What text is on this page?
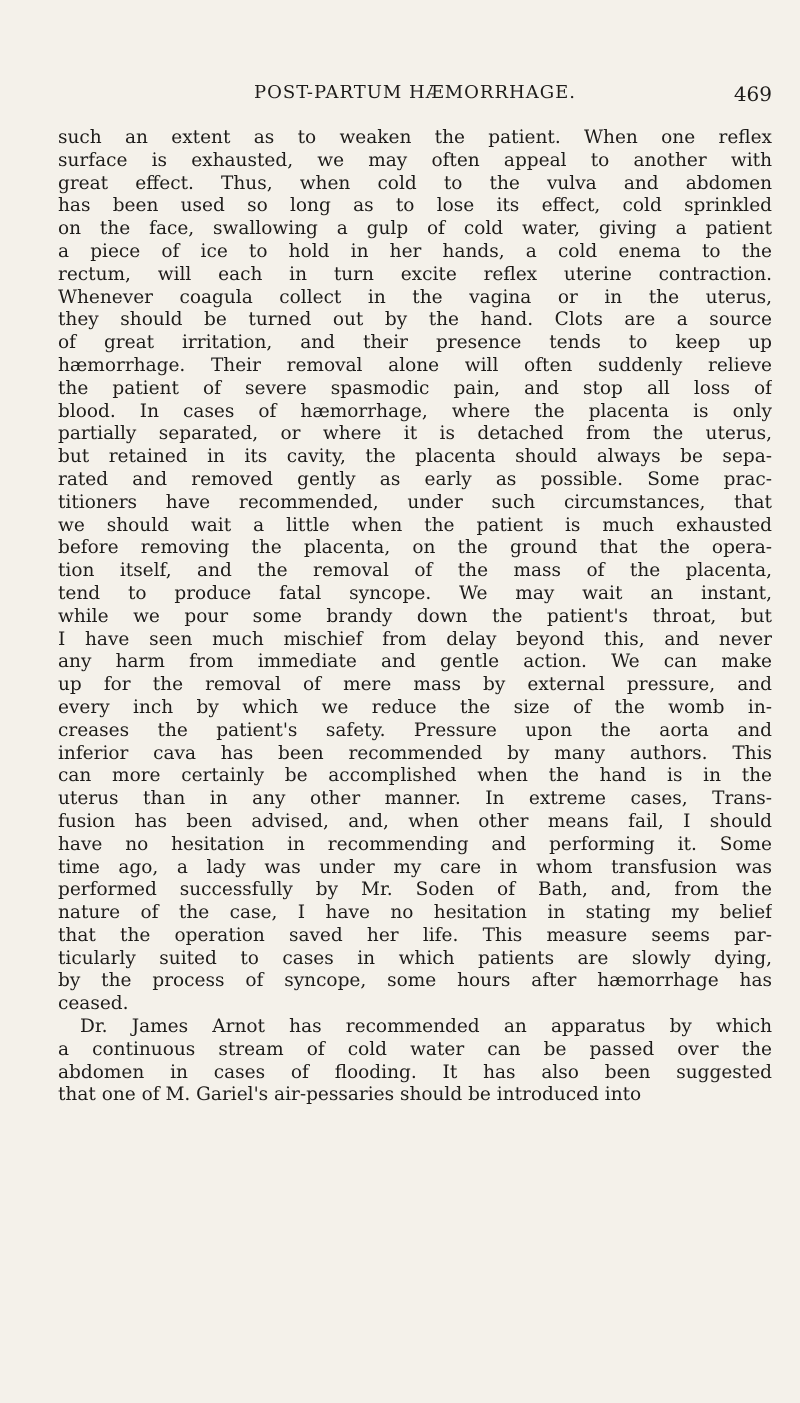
POST-PARTUM HÆMORRHAGE.	469
such an extent as to weaken the patient. When one reflex
surface is exhausted, we may often appeal to another with
great effect. Thus, when cold to the vulva and abdomen
has been used so long as to lose its effect, cold sprinkled
on the face, swallowing a gulp of cold water, giving a patient
a piece of ice to hold in her hands, a cold enema to the
rectum, will each in turn excite reflex uterine contraction.
Whenever coagula collect in the vagina or in the uterus,
they should be turned out by the hand. Clots are a source
of great irritation, and their presence tends to keep up
hæmorrhage. Their removal alone will often suddenly relieve
the patient of severe spasmodic pain, and stop all loss of
blood. In cases of hæmorrhage, where the placenta is only
partially separated, or where it is detached from the uterus,
but retained in its cavity, the placenta should always be sepa-
rated and removed gently as early as possible. Some prac-
titioners have recommended, under such circumstances, that
we should wait a little when the patient is much exhausted
before removing the placenta, on the ground that the opera-
tion itself, and the removal of the mass of the placenta,
tend to produce fatal syncope. We may wait an instant,
while we pour some brandy down the patient's throat, but
I have seen much mischief from delay beyond this, and never
any harm from immediate and gentle action. We can make
up for the removal of mere mass by external pressure, and
every inch by which we reduce the size of the womb in-
creases the patient's safety. Pressure upon the aorta and
inferior cava has been recommended by many authors. This
can more certainly be accomplished when the hand is in the
uterus than in any other manner. In extreme cases, Trans-
fusion has been advised, and, when other means fail, I should
have no hesitation in recommending and performing it. Some
time ago, a lady was under my care in whom transfusion was
performed successfully by Mr. Soden of Bath, and, from the
nature of the case, I have no hesitation in stating my belief
that the operation saved her life. This measure seems par-
ticularly suited to cases in which patients are slowly dying,
by the process of syncope, some hours after hæmorrhage has
ceased.
Dr. James Arnot has recommended an apparatus by which
a continuous stream of cold water can be passed over the
abdomen in cases of flooding. It has also been suggested
that one of M. Gariel's air-pessaries should be introduced into
